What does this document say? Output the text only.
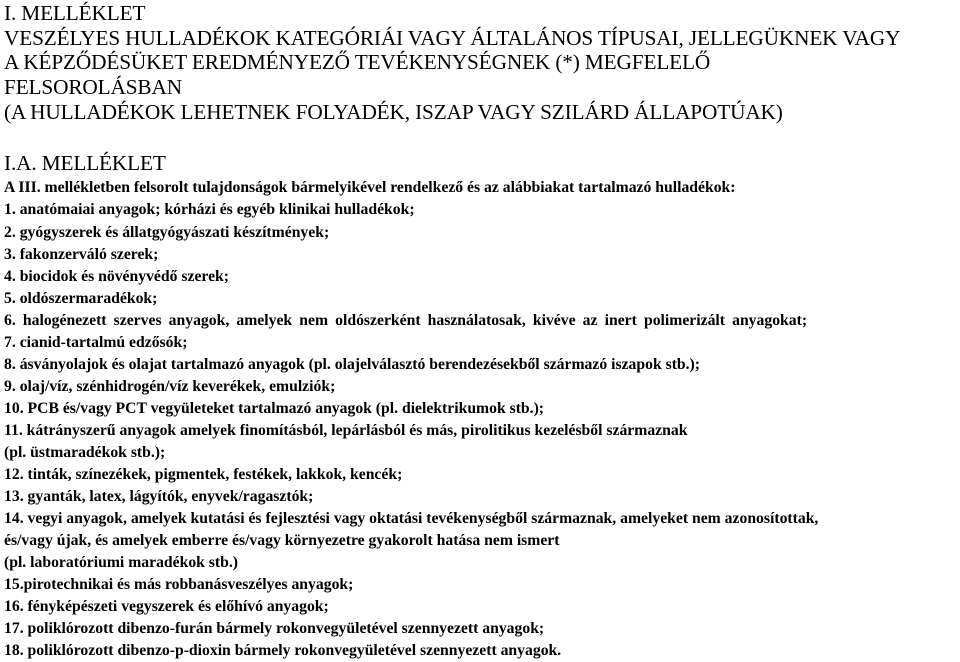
I. MELLÉKLET
VESZÉLYES HULLADÉKOK KATEGÓRIÁI VAGY ÁLTALÁNOS TÍPUSAI, JELLEGÜKNEK VAGY
A KÉPZŐDÉSÜKET EREDMÉNYEZŐ TEVÉKENYSÉGNEK (*) MEGFELELŐ
FELSOROLÁSBAN
(A HULLADÉKOK LEHETNEK FOLYADÉK, ISZAP VAGY SZILÁRD ÁLLAPOTÚAK)
I.A. MELLÉKLET
A III. mellékletben felsorolt tulajdonságok bármelyikével rendelkező és az alábbiakat tartalmazó hulladékok:
1. anatómaiai anyagok; kórházi és egyéb klinikai hulladékok;
2. gyógyszerek és állatgyógyászati készítmények;
3. fakonzerváló szerek;
4. biocidok és növényvédő szerek;
5. oldószermaradékok;
6. halogénezett szerves anyagok, amelyek nem oldószerként használatosak, kivéve az inert polimerizált anyagokat;
7. cianid-tartalmú edzősók;
8. ásványolajok és olajat tartalmazó anyagok (pl. olajelválasztó berendezésekből származó iszapok stb.);
9. olaj/víz, szénhidrogén/víz keverékek, emulziók;
10. PCB és/vagy PCT vegyületeket tartalmazó anyagok (pl. dielektrikumok stb.);
11. kátrányszerű anyagok amelyek finomításból, lepárlásból és más, pirolitikus kezelésből származnak
(pl. üstmaradékok stb.);
12. tinták, színezékek, pigmentek, festékek, lakkok, kencék;
13. gyanták, latex, lágyítók, enyvek/ragasztók;
14. vegyi anyagok, amelyek kutatási és fejlesztési vagy oktatási tevékenységből származnak, amelyeket nem azonosítottak,
és/vagy újak, és amelyek emberre és/vagy környezetre gyakorolt hatása nem ismert
(pl. laboratóriumi maradékok stb.)
15.pirotechnikai és más robbanásveszélyes anyagok;
16. fényképészeti vegyszerek és előhívó anyagok;
17. poliklórozott dibenzo-furán bármely rokonvegyületével szennyezett anyagok;
18. poliklórozott dibenzo-p-dioxin bármely rokonvegyületével szennyezett anyagok.
